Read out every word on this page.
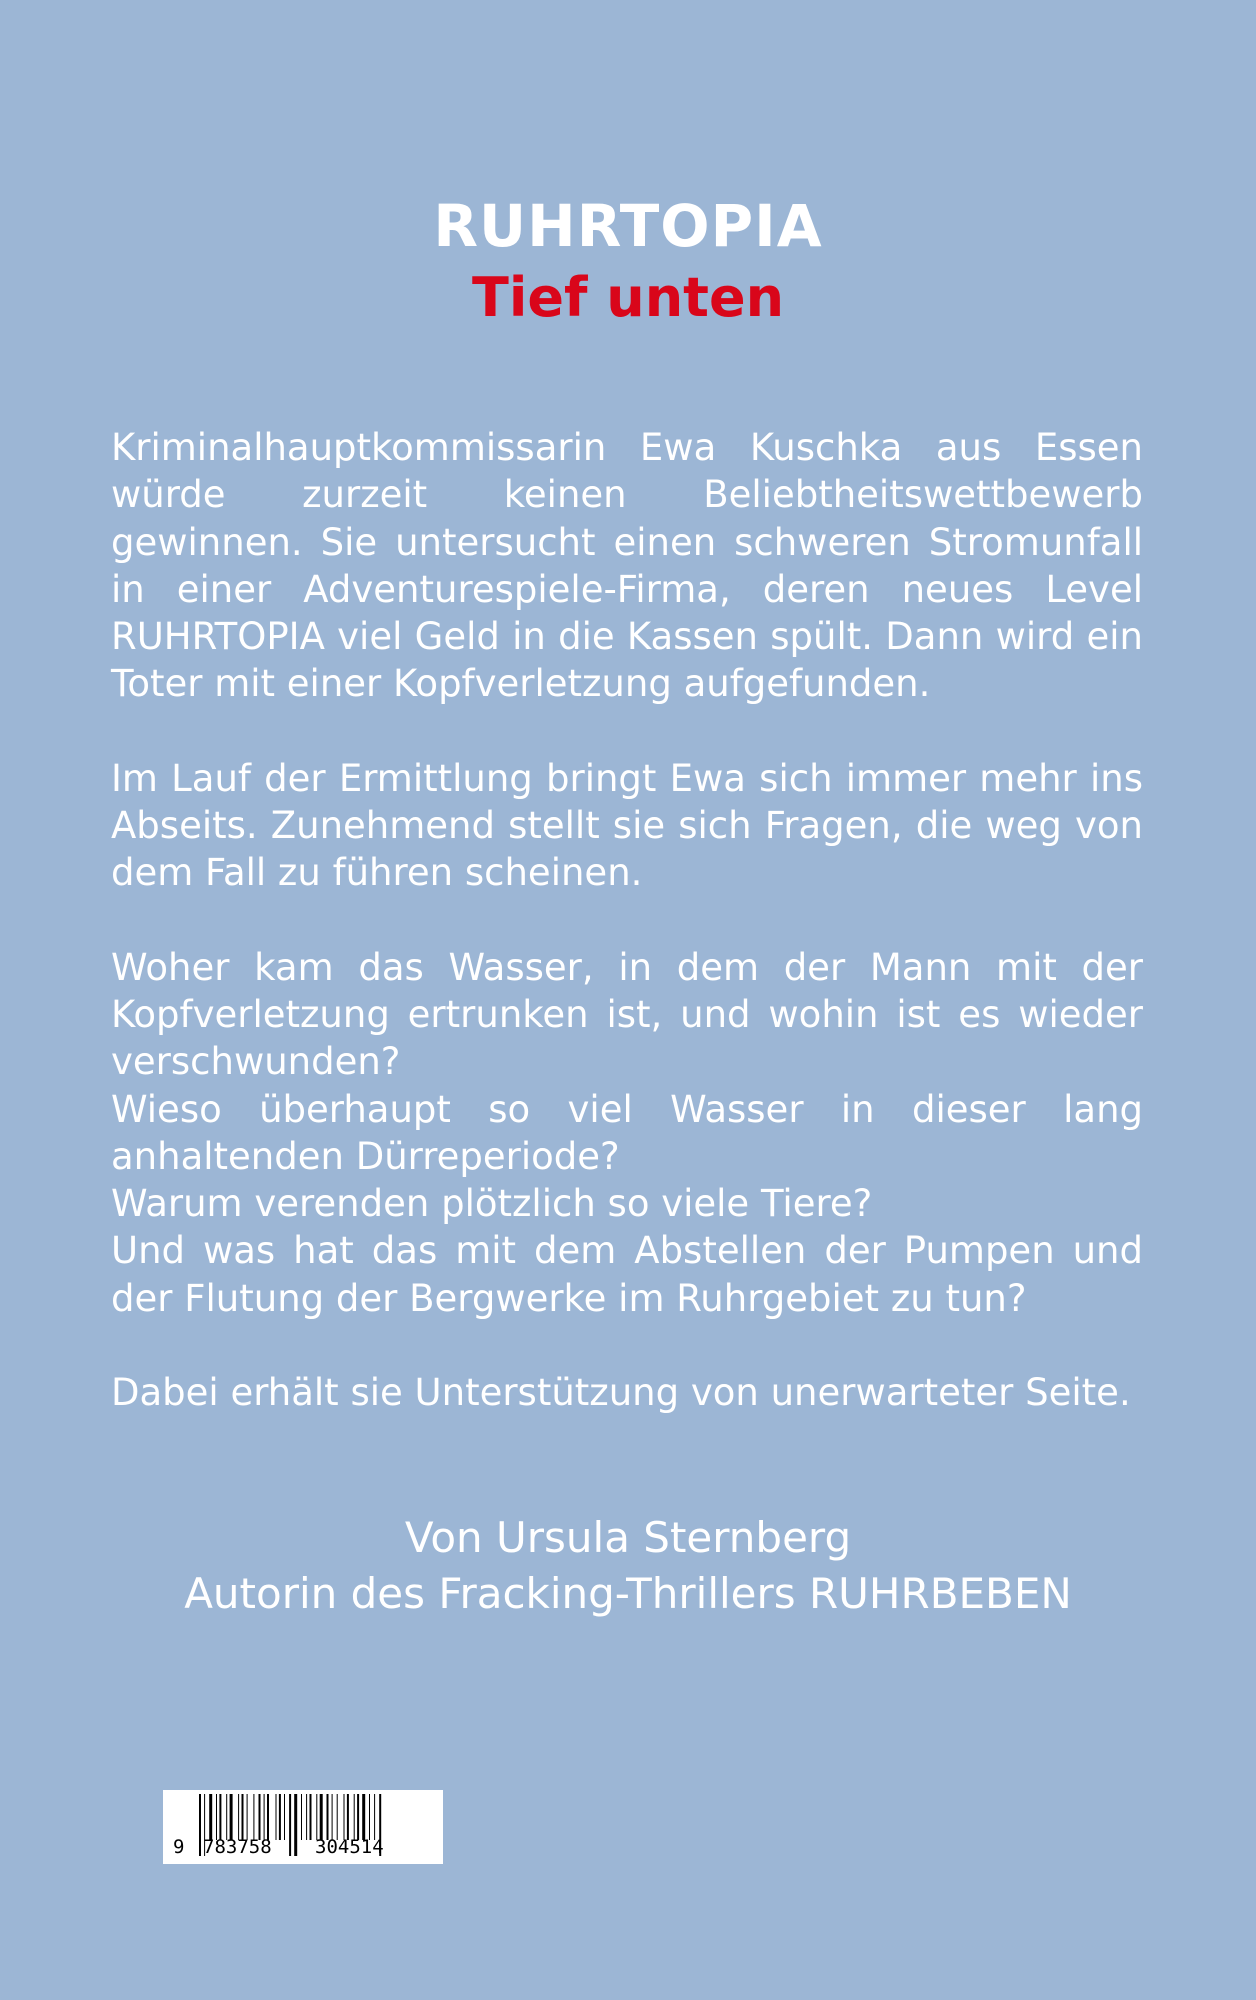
RUHRTOPIA
Tief unten

Kriminalhauptkommissarin Ewa Kuschka aus Essen würde zurzeit keinen Beliebtheitswettbewerb gewinnen. Sie untersucht einen schweren Stromunfall in einer Adventurespiele-Firma, deren neues Level RUHRTOPIA viel Geld in die Kassen spült. Dann wird ein Toter mit einer Kopfverletzung aufgefunden.

Im Lauf der Ermittlung bringt Ewa sich immer mehr ins Abseits. Zunehmend stellt sie sich Fragen, die weg von dem Fall zu führen scheinen.

Woher kam das Wasser, in dem der Mann mit der Kopfverletzung ertrunken ist, und wohin ist es wieder verschwunden?

Wieso überhaupt so viel Wasser in dieser lang anhaltenden Dürreperiode?

Warum verenden plötzlich so viele Tiere?

Und was hat das mit dem Abstellen der Pumpen und der Flutung der Bergwerke im Ruhrgebiet zu tun?

Dabei erhält sie Unterstützung von unerwarteter Seite.

Von Ursula Sternberg
Autorin des Fracking-Thrillers RUHRBEBEN
9 783758 304514
